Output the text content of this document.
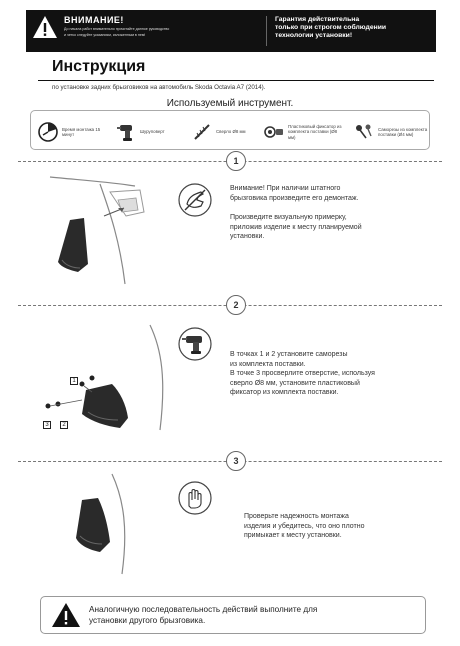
ВНИМАНИЕ!
До начала работ внимательно прочитайте данное руководство
и четко следуйте указаниям, изложенным в нем!
Гарантия действительна
только при строгом соблюдении
технологии установки!
Инструкция
по установке задних брызговиков на автомобиль Skoda Octavia A7 (2014).
Используемый инструмент.
Время монтажа 15 минут
Шуруповерт	Сверло Ø8 мм
Пластиковый фиксатор из комплекта поставки (Ø8 мм)
Саморезы из комплекта поставки (Ø4 мм)
1
Внимание! При наличии штатного
брызговика произведите его демонтаж.
Произведите визуальную примерку,
приложив изделие к месту планируемой
установки.
2
1
2
3
В точках 1 и 2 установите саморезы
из комплекта поставки.
В точке 3 просверлите отверстие, используя
сверло Ø8 мм, установите пластиковый
фиксатор из комплекта поставки.
3
Проверьте надежность монтажа
изделия и убедитесь, что оно плотно
примыкает к месту установки.
Аналогичную последовательность действий выполните для
установки другого брызговика.
